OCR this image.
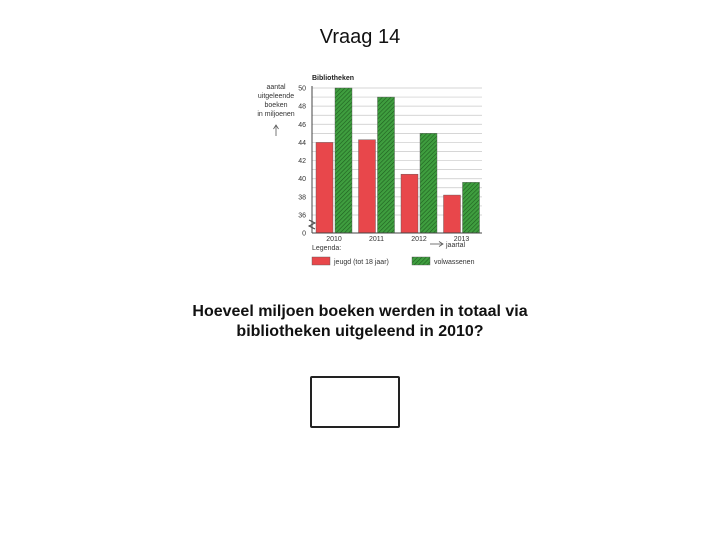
Vraag 14
0
36
38
40
42
44
46
48
50
2010	2011	2012	2013
Bibliotheken
aantal
uitgeleende
boeken
in miljoenen
jaartal
Legenda:
jeugd (tot 18 jaar)	volwassenen
Hoeveel miljoen boeken werden in totaal via bibliotheken uitgeleend in 2010?
